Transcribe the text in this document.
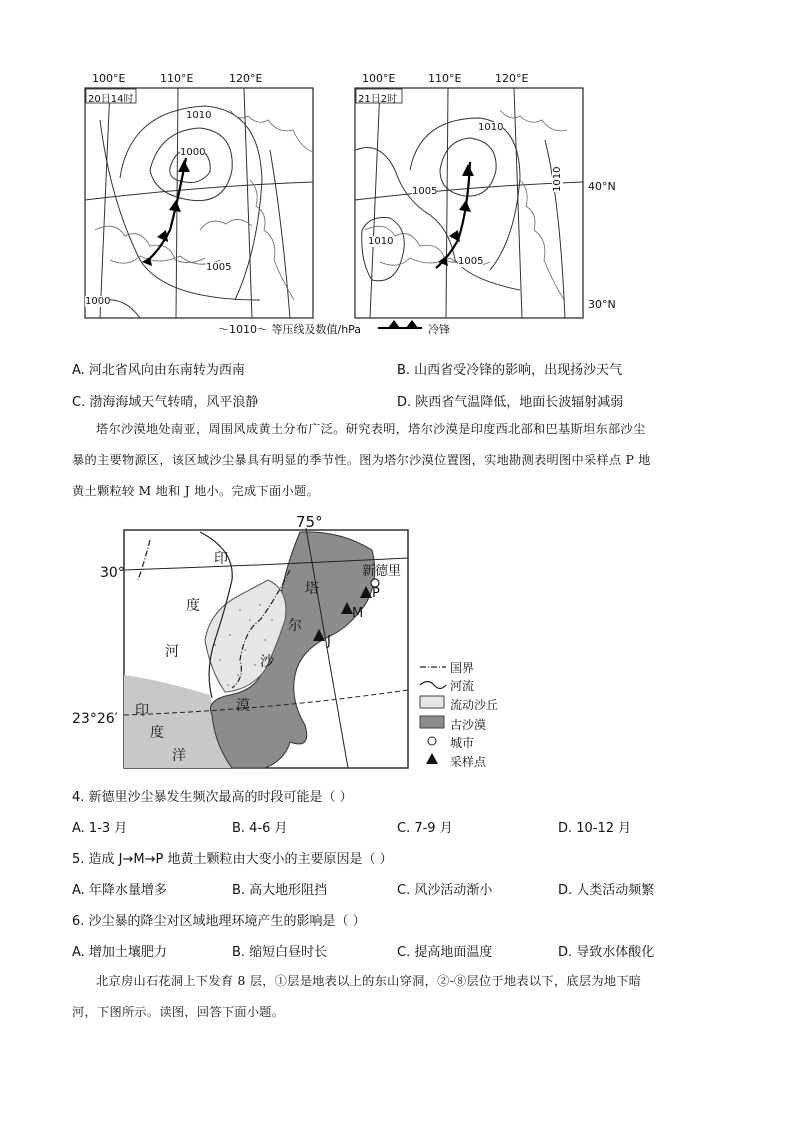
100°E	110°E	120°E
20日14时
1010
1000
1005
1000
100°E	110°E	120°E
21日2时
40°N
30°N
1010
1005
1010
1005
1010
～1010～ 等压线及数值/hPa	冷锋
A. 河北省风向由东南转为西南	B. 山西省受冷锋的影响，出现扬沙天气
C. 渤海海域天气转晴，风平浪静	D. 陕西省气温降低，地面长波辐射减弱
塔尔沙漠地处南亚，周围风成黄土分布广泛。研究表明，塔尔沙漠是印度西北部和巴基斯坦东部沙尘
暴的主要物源区，该区域沙尘暴具有明显的季节性。图为塔尔沙漠位置图，实地勘测表明图中采样点 P 地
黄土颗粒较 M 地和 J 地小。完成下面小题。
75°
30°
23°26′
印
度
河
塔
尔
沙
漠
印
度
洋
新德里
P
M
J
国界
河流
流动沙丘
古沙漠
城市
采样点
4. 新德里沙尘暴发生频次最高的时段可能是（ ）
A. 1-3 月	B. 4-6 月	C. 7-9 月	D. 10-12 月
5. 造成 J→M→P 地黄土颗粒由大变小的主要原因是（ ）
A. 年降水量增多	B. 高大地形阻挡	C. 风沙活动渐小	D. 人类活动频繁
6. 沙尘暴的降尘对区域地理环境产生的影响是（ ）
A. 增加土壤肥力	B. 缩短白昼时长	C. 提高地面温度	D. 导致水体酸化
北京房山石花洞上下发育 8 层，①层是地表以上的东山穿洞，②-⑧层位于地表以下，底层为地下暗
河，下图所示。读图，回答下面小题。
